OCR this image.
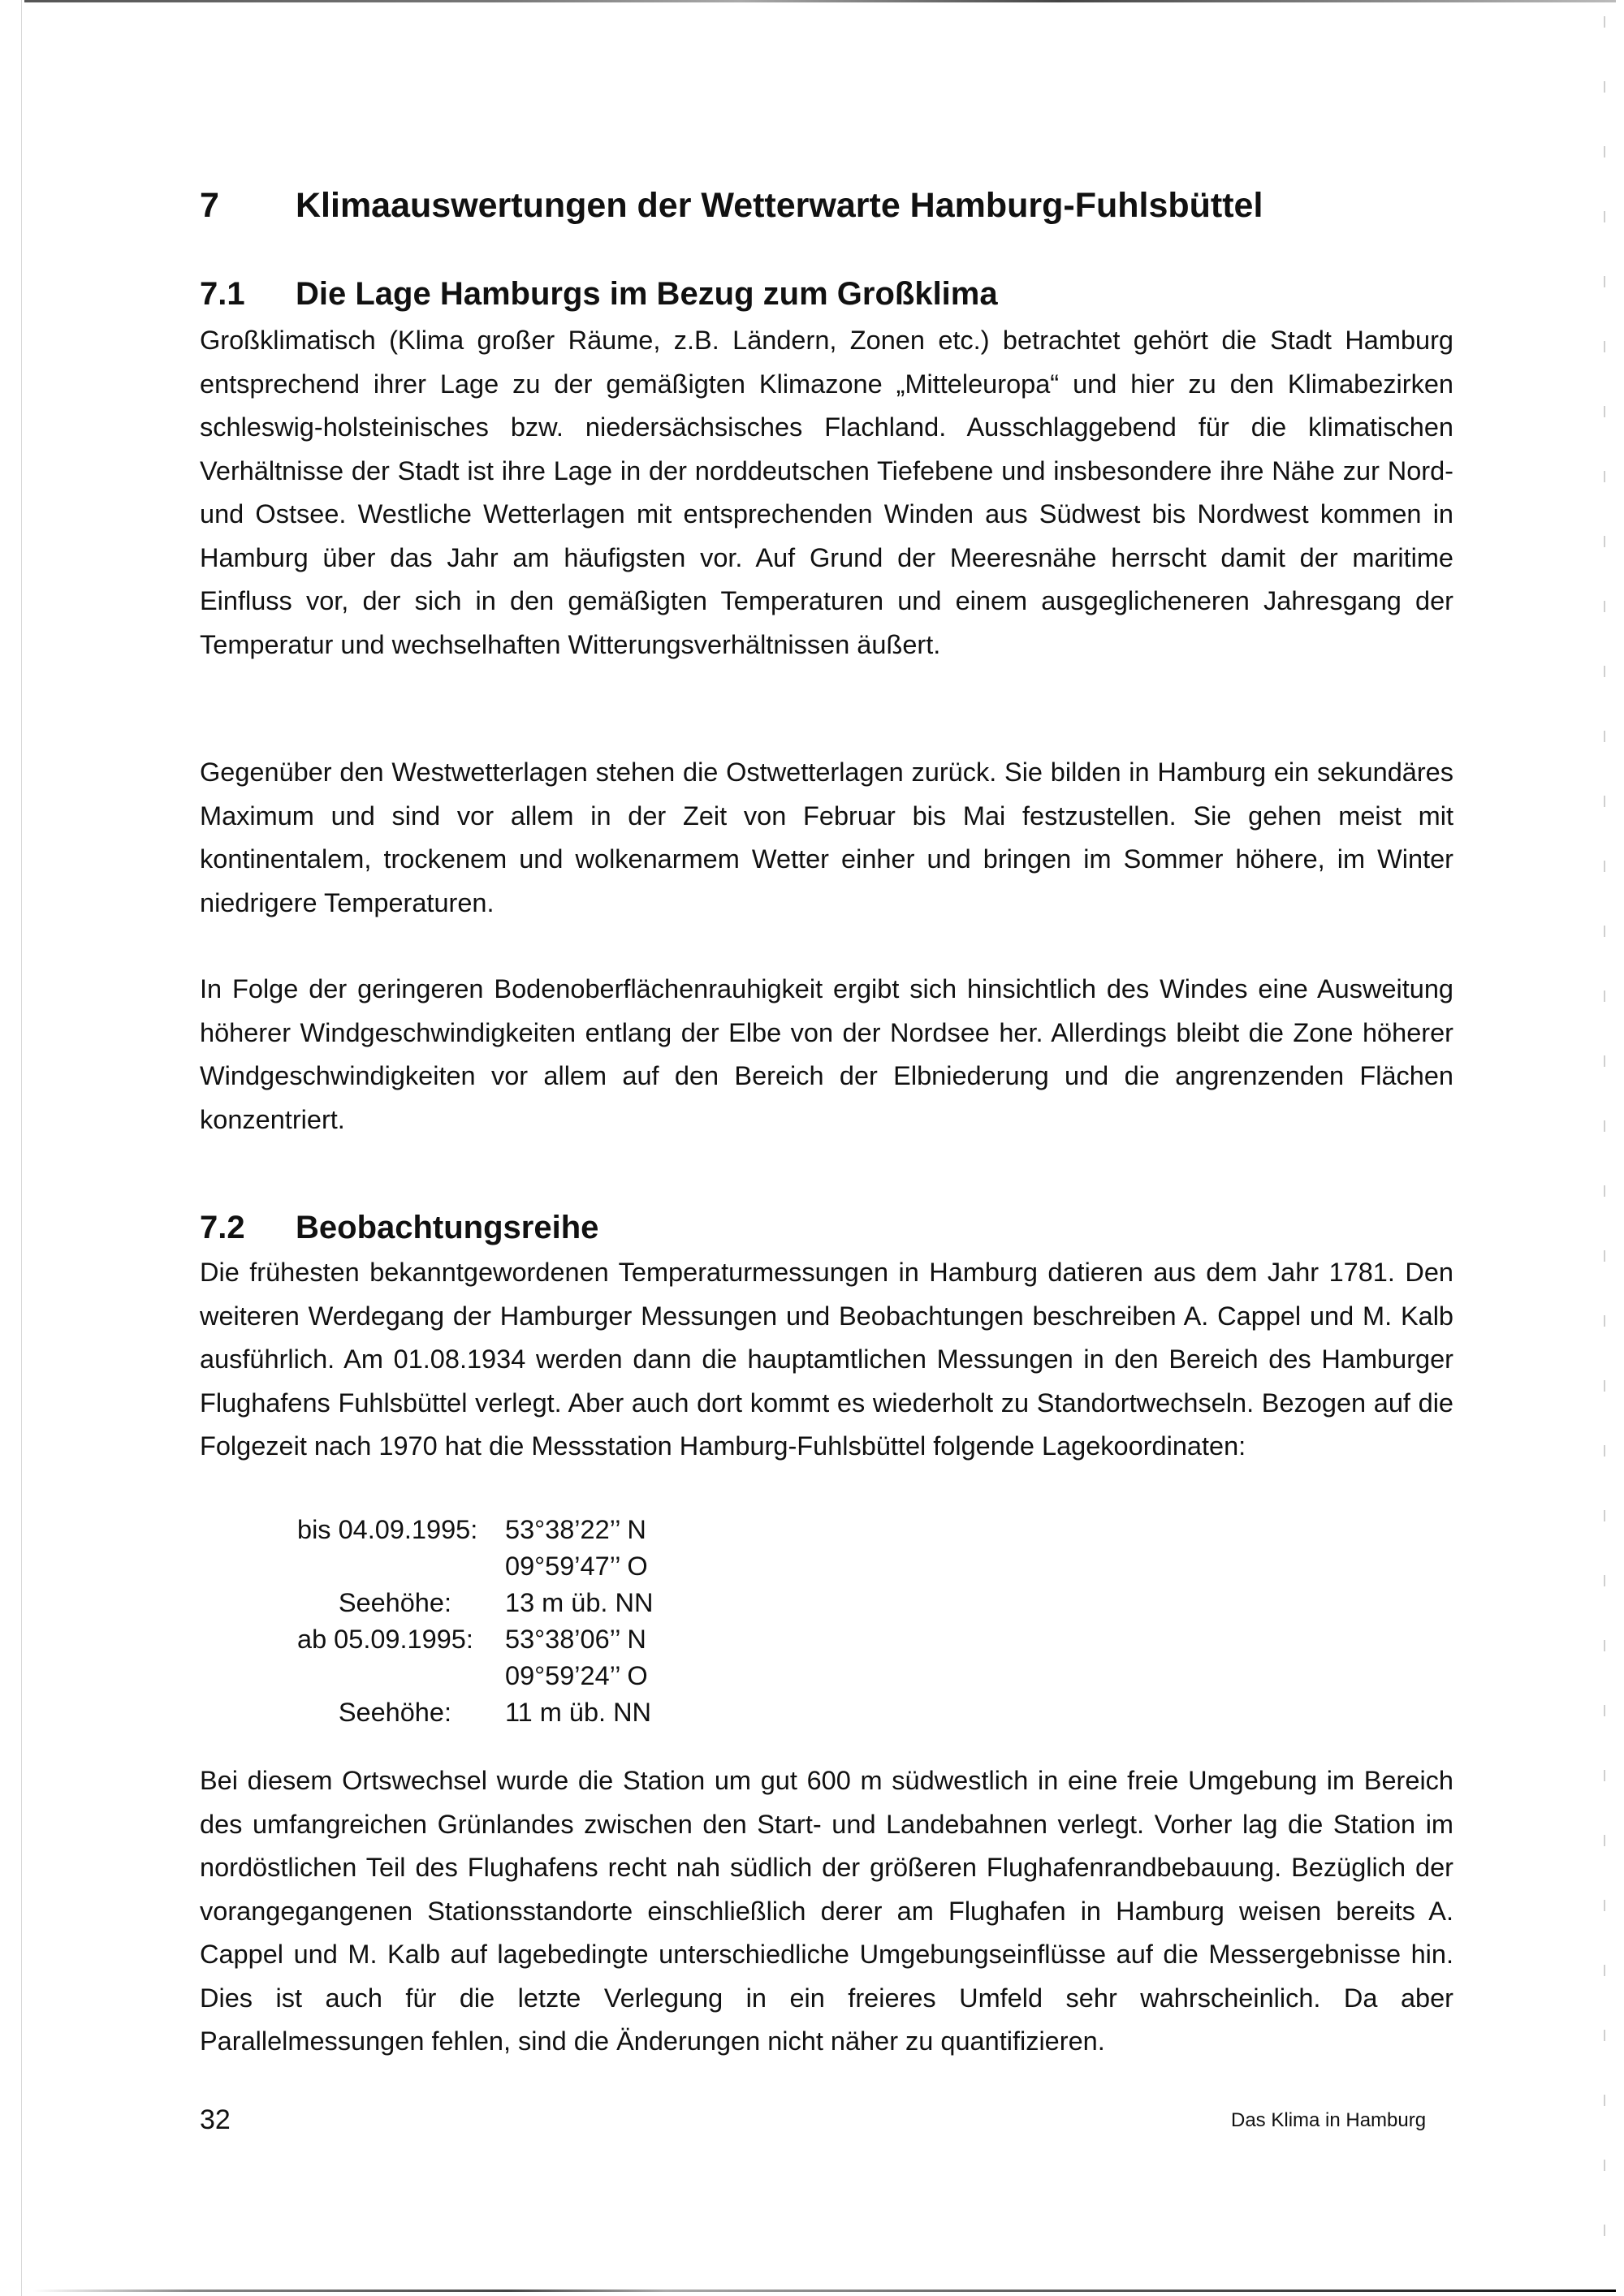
7 Klimaauswertungen der Wetterwarte Hamburg-Fuhlsbüttel
7.1 Die Lage Hamburgs im Bezug zum Großklima

Großklimatisch (Klima großer Räume, z.B. Ländern, Zonen etc.) betrachtet gehört die Stadt Hamburg entsprechend ihrer Lage zu der gemäßigten Klimazone „Mitteleuropa“ und hier zu den Klimabezirken schleswig-holsteinisches bzw. niedersächsisches Flachland. Ausschlaggebend für die klimatischen Verhältnisse der Stadt ist ihre Lage in der norddeutschen Tiefebene und insbesondere ihre Nähe zur Nord- und Ostsee. Westliche Wetterlagen mit entsprechenden Winden aus Südwest bis Nordwest kommen in Hamburg über das Jahr am häufigsten vor. Auf Grund der Meeresnähe herrscht damit der maritime Einfluss vor, der sich in den gemäßigten Temperaturen und einem ausgeglicheneren Jahresgang der Temperatur und wechselhaften Witterungsverhältnissen äußert.

Gegenüber den Westwetterlagen stehen die Ostwetterlagen zurück. Sie bilden in Hamburg ein sekundäres Maximum und sind vor allem in der Zeit von Februar bis Mai festzustellen. Sie gehen meist mit kontinentalem, trockenem und wolkenarmem Wetter einher und bringen im Sommer höhere, im Winter niedrigere Temperaturen.

In Folge der geringeren Bodenoberflächenrauhigkeit ergibt sich hinsichtlich des Windes eine Ausweitung höherer Windgeschwindigkeiten entlang der Elbe von der Nordsee her. Allerdings bleibt die Zone höherer Windgeschwindigkeiten vor allem auf den Bereich der Elbniederung und die angrenzenden Flächen konzentriert.

7.2 Beobachtungsreihe

Die frühesten bekanntgewordenen Temperaturmessungen in Hamburg datieren aus dem Jahr 1781. Den weiteren Werdegang der Hamburger Messungen und Beobachtungen beschreiben A. Cappel und M. Kalb ausführlich. Am 01.08.1934 werden dann die hauptamtlichen Messungen in den Bereich des Hamburger Flughafens Fuhlsbüttel verlegt. Aber auch dort kommt es wiederholt zu Standortwechseln. Bezogen auf die Folgezeit nach 1970 hat die Messstation Hamburg-Fuhlsbüttel folgende Lagekoordinaten:

bis 04.09.1995:	53°38’22’’ N
09°59’47’’ O
Seehöhe:	13 m üb. NN
ab 05.09.1995:	53°38’06’’ N
09°59’24’’ O
Seehöhe:	11 m üb. NN

Bei diesem Ortswechsel wurde die Station um gut 600 m südwestlich in eine freie Umgebung im Bereich des umfangreichen Grünlandes zwischen den Start- und Landebahnen verlegt. Vorher lag die Station im nordöstlichen Teil des Flughafens recht nah südlich der größeren Flughafenrandbebauung. Bezüglich der vorangegangenen Stationsstandorte einschließlich derer am Flughafen in Hamburg weisen bereits A. Cappel und M. Kalb auf lagebedingte unterschiedliche Umgebungseinflüsse auf die Messergebnisse hin. Dies ist auch für die letzte Verlegung in ein freieres Umfeld sehr wahrscheinlich. Da aber Parallelmessungen fehlen, sind die Änderungen nicht näher zu quantifizieren.

32	Das Klima in Hamburg
